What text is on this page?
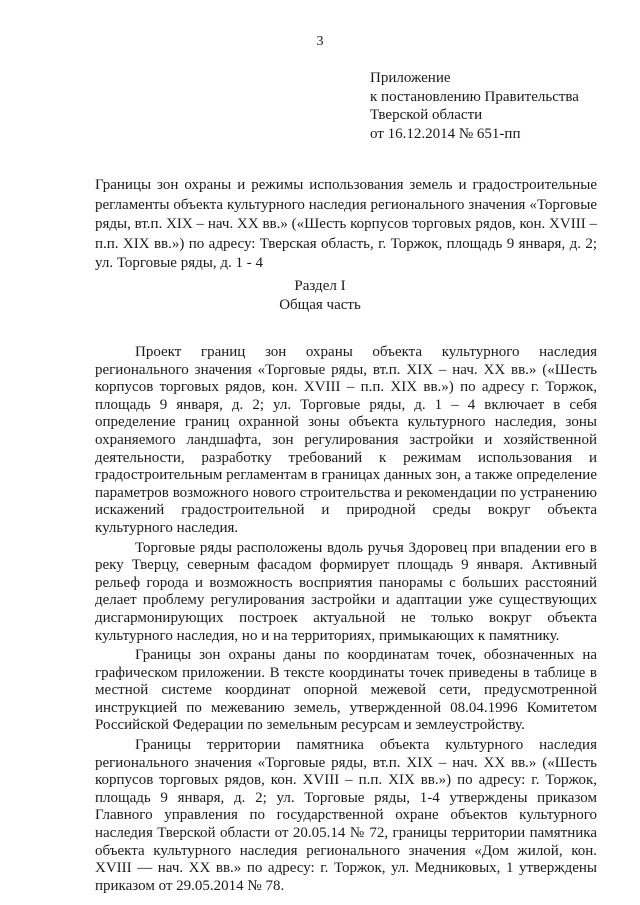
3
Приложение
к постановлению Правительства
Тверской области
от 16.12.2014 № 651-пп
Границы зон охраны и режимы использования земель и градостроительные регламенты объекта культурного наследия регионального значения «Торговые ряды, вт.п. XIX – нач. XX вв.» («Шесть корпусов торговых рядов, кон. XVIII – п.п. XIX вв.») по адресу: Тверская область, г. Торжок, площадь 9 января, д. 2; ул. Торговые ряды, д. 1 - 4
Раздел I
Общая часть

Проект границ зон охраны объекта культурного наследия регионального значения «Торговые ряды, вт.п. XIX – нач. XX вв.» («Шесть корпусов торговых рядов, кон. XVIII – п.п. XIX вв.») по адресу г. Торжок, площадь 9 января, д. 2; ул. Торговые ряды, д. 1 – 4 включает в себя определение границ охранной зоны объекта культурного наследия, зоны охраняемого ландшафта, зон регулирования застройки и хозяйственной деятельности, разработку требований к режимам использования и градостроительным регламентам в границах данных зон, а также определение параметров возможного нового строительства и рекомендации по устранению искажений градостроительной и природной среды вокруг объекта культурного наследия.

Торговые ряды расположены вдоль ручья Здоровец при впадении его в реку Тверцу, северным фасадом формирует площадь 9 января. Активный рельеф города и возможность восприятия панорамы с больших расстояний делает проблему регулирования застройки и адаптации уже существующих дисгармонирующих построек актуальной не только вокруг объекта культурного наследия, но и на территориях, примыкающих к памятнику.

Границы зон охраны даны по координатам точек, обозначенных на графическом приложении. В тексте координаты точек приведены в таблице в местной системе координат опорной межевой сети, предусмотренной инструкцией по межеванию земель, утвержденной 08.04.1996 Комитетом Российской Федерации по земельным ресурсам и землеустройству.

Границы территории памятника объекта культурного наследия регионального значения «Торговые ряды, вт.п. XIX – нач. XX вв.» («Шесть корпусов торговых рядов, кон. XVIII – п.п. XIX вв.») по адресу: г. Торжок, площадь 9 января, д. 2; ул. Торговые ряды, 1-4 утверждены приказом Главного управления по государственной охране объектов культурного наследия Тверской области от 20.05.14 № 72, границы территории памятника объекта культурного наследия регионального значения «Дом жилой, кон. XVIII — нач. XX вв.» по адресу: г. Торжок, ул. Медниковых, 1 утверждены приказом от 29.05.2014 № 78.
